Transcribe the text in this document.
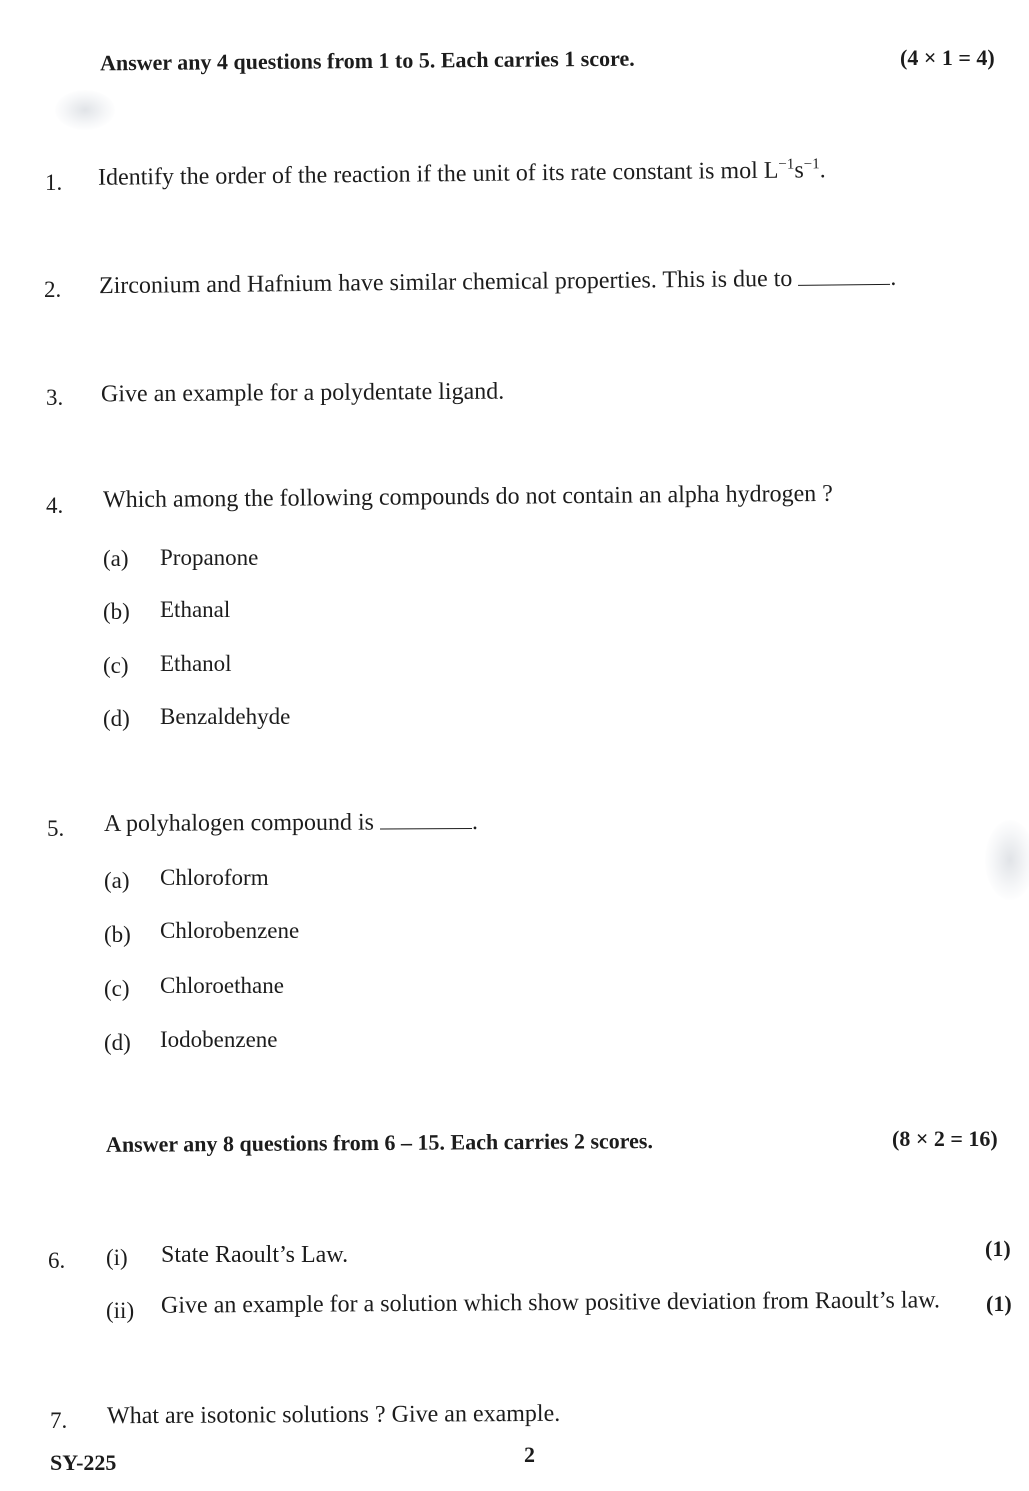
Answer any 4 questions from 1 to 5. Each carries 1 score.	(4 × 1 = 4)
1. Identify the order of the reaction if the unit of its rate constant is mol $L^{-1}s^{-1}$.
2. Zirconium and Hafnium have similar chemical properties. This is due to	.
3. Give an example for a polydentate ligand.
4. Which among the following compounds do not contain an alpha hydrogen ?
(a) Propanone
(b) Ethanal
(c) Ethanol
(d) Benzaldehyde
5. A polyhalogen compound is	.
(a) Chloroform
(b) Chlorobenzene
(c) Chloroethane
(d) Iodobenzene
Answer any 8 questions from 6 – 15. Each carries 2 scores.	(8 × 2 = 16)
6. (i) State Raoult’s Law.	(1)
(ii) Give an example for a solution which show positive deviation from Raoult’s law. (1)
7. What are isotonic solutions ? Give an example.
SY-225	2
